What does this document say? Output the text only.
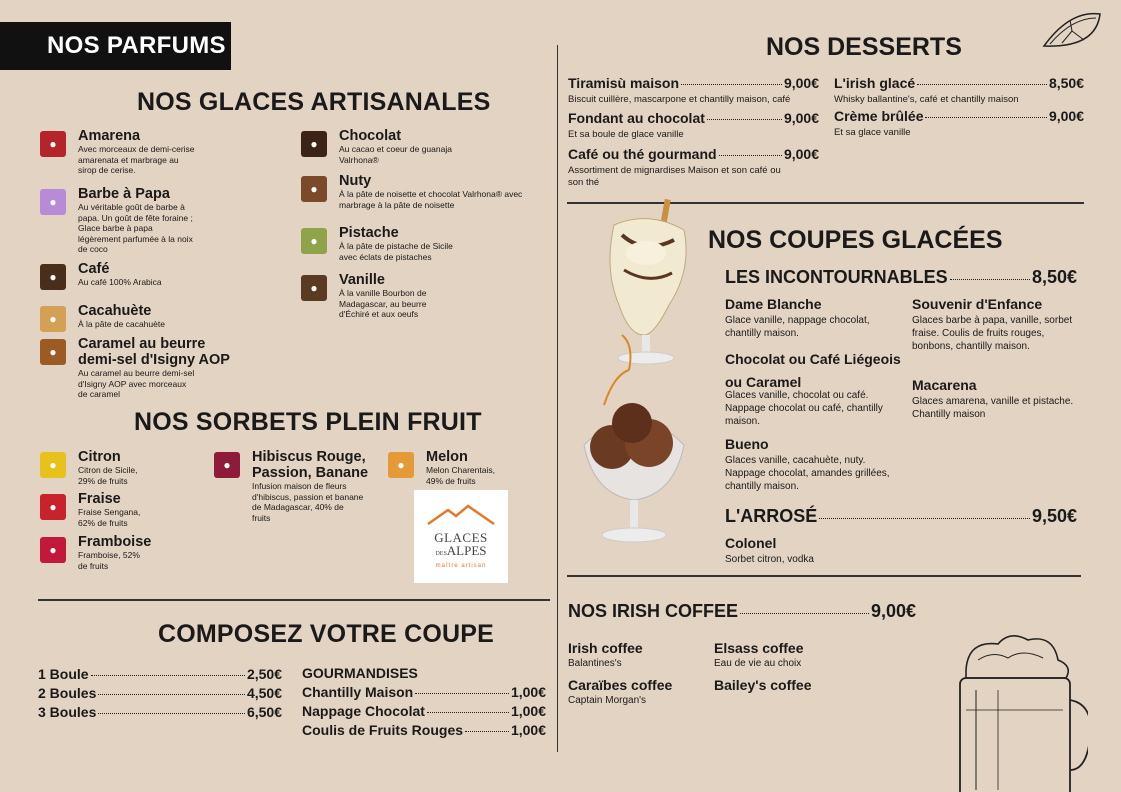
NOS PARFUMS
NOS GLACES ARTISANALES
●	Amarena
Avec morceaux de demi-cerise amarenata et marbrage au sirop de cerise.
●	Barbe à Papa
Au véritable goût de barbe à papa. Un goût de fête foraine ; Glace barbe à papa légèrement parfumée à la noix de coco
●	Café
Au café 100% Arabica
●	Cacahuète
À la pâte de cacahuète
●	Caramel au beurre demi-sel d'Isigny AOP
Au caramel au beurre demi-sel d'Isigny AOP avec morceaux de caramel
●	Chocolat
Au cacao et coeur de guanaja Valrhona®
●	Nuty
À la pâte de noisette et chocolat Valrhona® avec marbrage à la pâte de noisette
●	Pistache
À la pâte de pistache de Sicile avec éclats de pistaches
●	Vanille
À la vanille Bourbon de Madagascar, au beurre d'Échiré et aux oeufs
NOS SORBETS PLEIN FRUIT
●	Citron
Citron de Sicile, 29% de fruits
●	Fraise
Fraise Sengana, 62% de fruits
●	Framboise
Framboise, 52% de fruits
●	Hibiscus Rouge, Passion, Banane
Infusion maison de fleurs d'hibiscus, passion et banane de Madagascar, 40% de fruits
●	Melon
Melon Charentais, 49% de fruits
GLACES
DESALPES
maître artisan
COMPOSEZ VOTRE COUPE
1 Boule	2,50€
2 Boules	4,50€
3 Boules	6,50€
GOURMANDISES
Chantilly Maison	1,00€
Nappage Chocolat	1,00€
Coulis de Fruits Rouges	1,00€
NOS DESSERTS
Tiramisù maison	9,00€
Biscuit cuillère, mascarpone et chantilly maison, café
Fondant au chocolat	9,00€
Et sa boule de glace vanille
Café ou thé gourmand	9,00€
Assortiment de mignardises Maison et son café ou son thé
L'irish glacé	8,50€
Whisky ballantine's, café et chantilly maison
Crème brûlée	9,00€
Et sa glace vanille
NOS COUPES GLACÉES
LES INCONTOURNABLES	8,50€
Dame Blanche
Glace vanille, nappage chocolat, chantilly maison.
Chocolat ou Café Liégeois ou Caramel
Glaces vanille, chocolat ou café. Nappage chocolat ou café, chantilly maison.
Bueno
Glaces vanille, cacahuète, nuty. Nappage chocolat, amandes grillées, chantilly maison.
Souvenir d'Enfance
Glaces barbe à papa, vanille, sorbet fraise. Coulis de fruits rouges, bonbons, chantilly maison.
Macarena
Glaces amarena, vanille et pistache. Chantilly maison
L'ARROSÉ	9,50€
Colonel
Sorbet citron, vodka
NOS IRISH COFFEE	9,00€
Irish coffee
Balantines's
Caraïbes coffee
Captain Morgan's
Elsass coffee
Eau de vie au choix
Bailey's coffee
